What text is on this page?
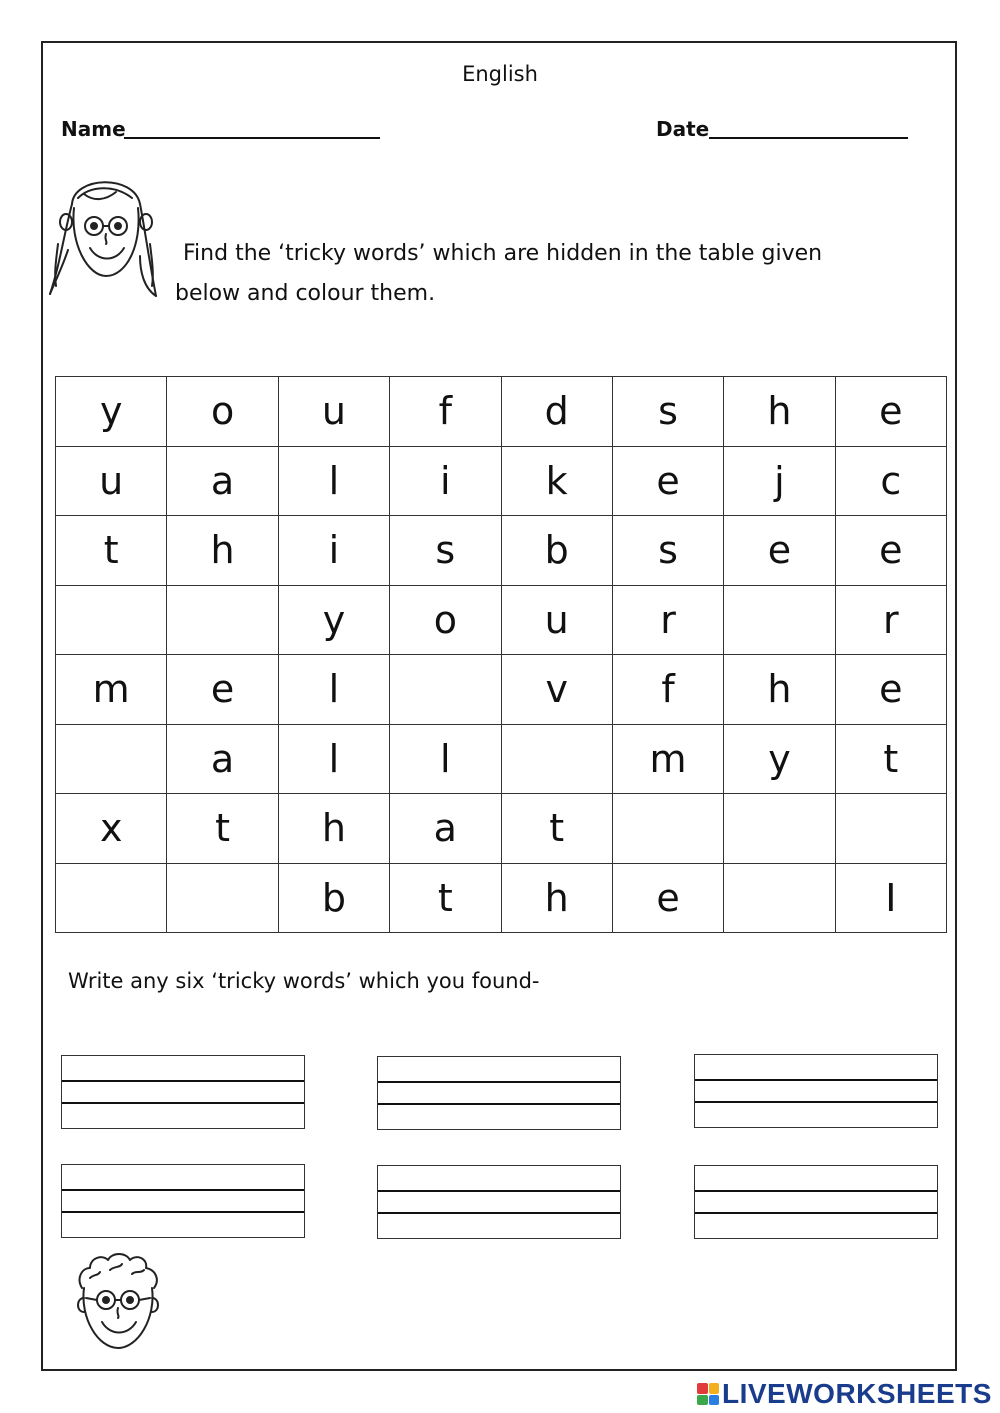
English
Name	Date
Find the ‘tricky words’ which are hidden in the table given
below and colour them.
y	o	u	f	d	s	h	e
u	a	l	i	k	e	j	c
t	h	i	s	b	s	e	e
		y	o	u	r		r
m	e	l		v	f	h	e
	a	l	l		m	y	t
x	t	h	a	t			
		b	t	h	e		I
Write any six ‘tricky words’ which you found-
LIVEWORKSHEETS
